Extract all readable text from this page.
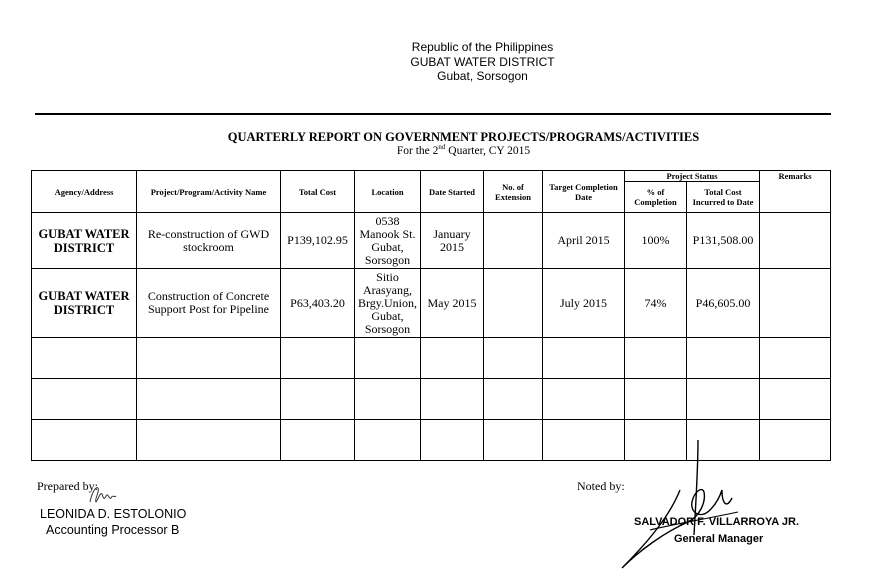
Republic of the Philippines
GUBAT WATER DISTRICT
Gubat, Sorsogon
QUARTERLY REPORT ON GOVERNMENT PROJECTS/PROGRAMS/ACTIVITIES
For the 2nd Quarter, CY 2015
Agency/Address	Project/Program/Activity Name	Total Cost	Location	Date Started	No. of Extension	Target Completion Date	Project Status		Remarks
							% of Completion	Total Cost Incurred to Date	
GUBAT WATER DISTRICT	Re-construction of GWD stockroom	P139,102.95	0538 Manook St. Gubat, Sorsogon	January 2015		April 2015	100%	P131,508.00	
GUBAT WATER DISTRICT	Construction of Concrete Support Post for Pipeline	P63,403.20	Sitio Arasyang, Brgy.Union, Gubat, Sorsogon	May 2015		July 2015	74%	P46,605.00	

Prepared by:
LEONIDA D. ESTOLONIO
Accounting Processor B
Noted by:
SALVADOR F. VILLARROYA JR.
General Manager
